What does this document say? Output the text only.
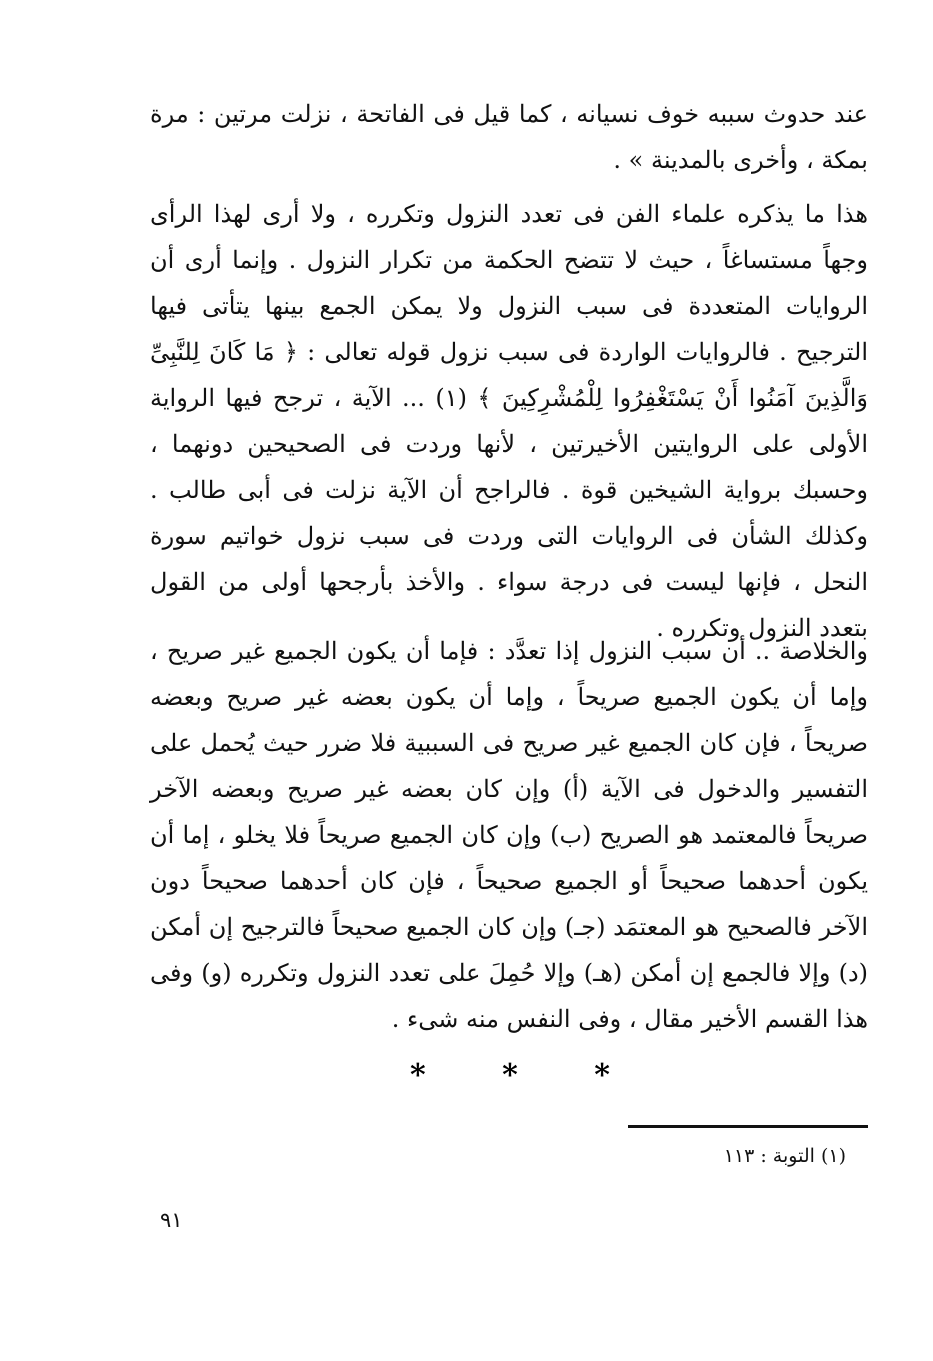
عند حدوث سببه خوف نسيانه ، كما قيل فى الفاتحة ، نزلت مرتين : مرة بمكة ، وأخرى بالمدينة » .

هذا ما يذكره علماء الفن فى تعدد النزول وتكرره ، ولا أرى لهذا الرأى وجهاً مستساغاً ، حيث لا تتضح الحكمة من تكرار النزول . وإنما أرى أن الروايات المتعددة فى سبب النزول ولا يمكن الجمع بينها يتأتى فيها الترجيح . فالروايات الواردة فى سبب نزول قوله تعالى : ﴿ مَا كَانَ لِلنَّبِىِّ وَالَّذِينَ آمَنُوا أَنْ يَسْتَغْفِرُوا لِلْمُشْرِكِينَ ﴾ (١) ... الآية ، ترجح فيها الرواية الأولى على الروايتين الأخيرتين ، لأنها وردت فى الصحيحين دونهما ، وحسبك برواية الشيخين قوة . فالراجح أن الآية نزلت فى أبى طالب . وكذلك الشأن فى الروايات التى وردت فى سبب نزول خواتيم سورة النحل ، فإنها ليست فى درجة سواء . والأخذ بأرجحها أولى من القول بتعدد النزول وتكرره .

والخلاصة .. أن سبب النزول إذا تعدَّد : فإما أن يكون الجميع غير صريح ، وإما أن يكون الجميع صريحاً ، وإما أن يكون بعضه غير صريح وبعضه صريحاً ، فإن كان الجميع غير صريح فى السببية فلا ضرر حيث يُحمل على التفسير والدخول فى الآية (أ) وإن كان بعضه غير صريح وبعضه الآخر صريحاً فالمعتمد هو الصريح (ب) وإن كان الجميع صريحاً فلا يخلو ، إما أن يكون أحدهما صحيحاً أو الجميع صحيحاً ، فإن كان أحدهما صحيحاً دون الآخر فالصحيح هو المعتمَد (جـ) وإن كان الجميع صحيحاً فالترجيح إن أمكن (د) وإلا فالجمع إن أمكن (هـ) وإلا حُمِلَ على تعدد النزول وتكرره (و) وفى هذا القسم الأخير مقال ، وفى النفس منه شىء .

*	*	*
(١) التوبة : ١١٣
٩١
